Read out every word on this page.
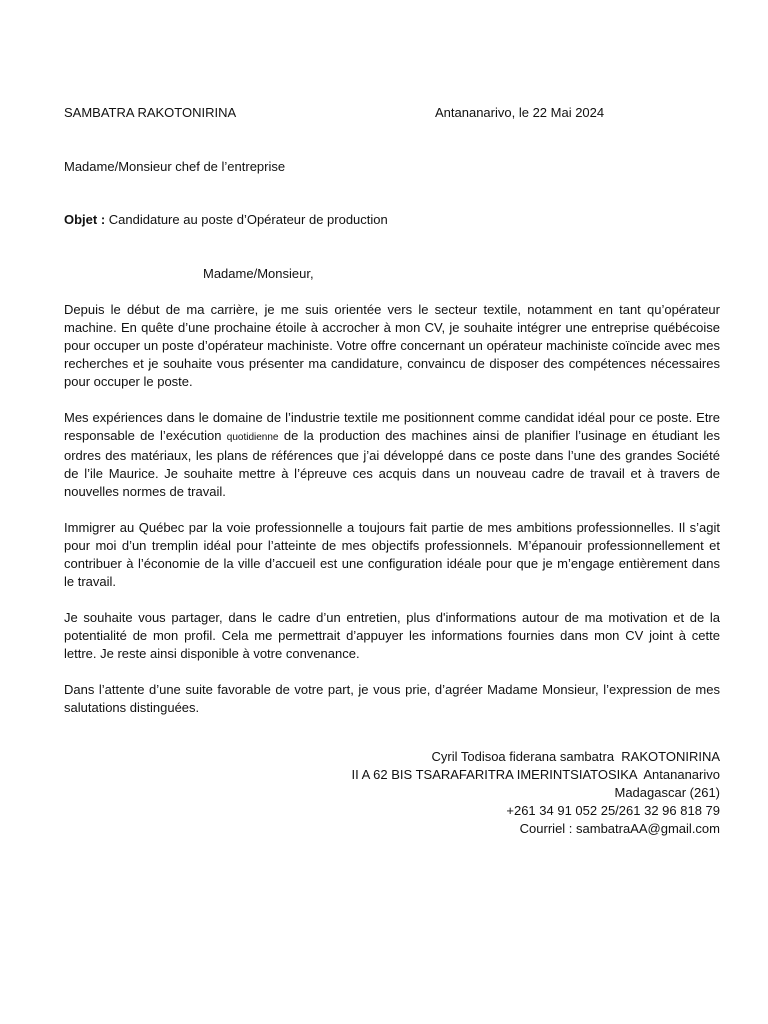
SAMBATRA RAKOTONIRINA	Antananarivo, le 22 Mai 2024
Madame/Monsieur chef de l’entreprise
Objet : Candidature au poste d’Opérateur de production
Madame/Monsieur,

Depuis le début de ma carrière, je me suis orientée vers le secteur textile, notamment en tant qu’opérateur machine. En quête d’une prochaine étoile à accrocher à mon CV, je souhaite intégrer une entreprise québécoise pour occuper un poste d’opérateur machiniste. Votre offre concernant un opérateur machiniste coïncide avec mes recherches et je souhaite vous présenter ma candidature, convaincu de disposer des compétences nécessaires pour occuper le poste.

Mes expériences dans le domaine de l’industrie textile me positionnent comme candidat idéal pour ce poste. Etre responsable de l’exécution quotidienne de la production des machines ainsi de planifier l’usinage en étudiant les ordres des matériaux, les plans de références que j’ai développé dans ce poste dans l’une des grandes Société de l’ile Maurice. Je souhaite mettre à l’épreuve ces acquis dans un nouveau cadre de travail et à travers de nouvelles normes de travail.

Immigrer au Québec par la voie professionnelle a toujours fait partie de mes ambitions professionnelles. Il s’agit pour moi d’un tremplin idéal pour l’atteinte de mes objectifs professionnels. M’épanouir professionnellement et contribuer à l’économie de la ville d’accueil est une configuration idéale pour que je m’engage entièrement dans le travail.

Je souhaite vous partager, dans le cadre d’un entretien, plus d'informations autour de ma motivation et de la potentialité de mon profil. Cela me permettrait d’appuyer les informations fournies dans mon CV joint à cette lettre. Je reste ainsi disponible à votre convenance.

Dans l’attente d’une suite favorable de votre part, je vous prie, d’agréer Madame Monsieur, l’expression de mes salutations distinguées.

Cyril Todisoa fiderana sambatra  RAKOTONIRINA
II A 62 BIS TSARAFARITRA IMERINTSIATOSIKA  Antananarivo
Madagascar (261)
+261 34 91 052 25/261 32 96 818 79
Courriel : sambatraAA@gmail.com
